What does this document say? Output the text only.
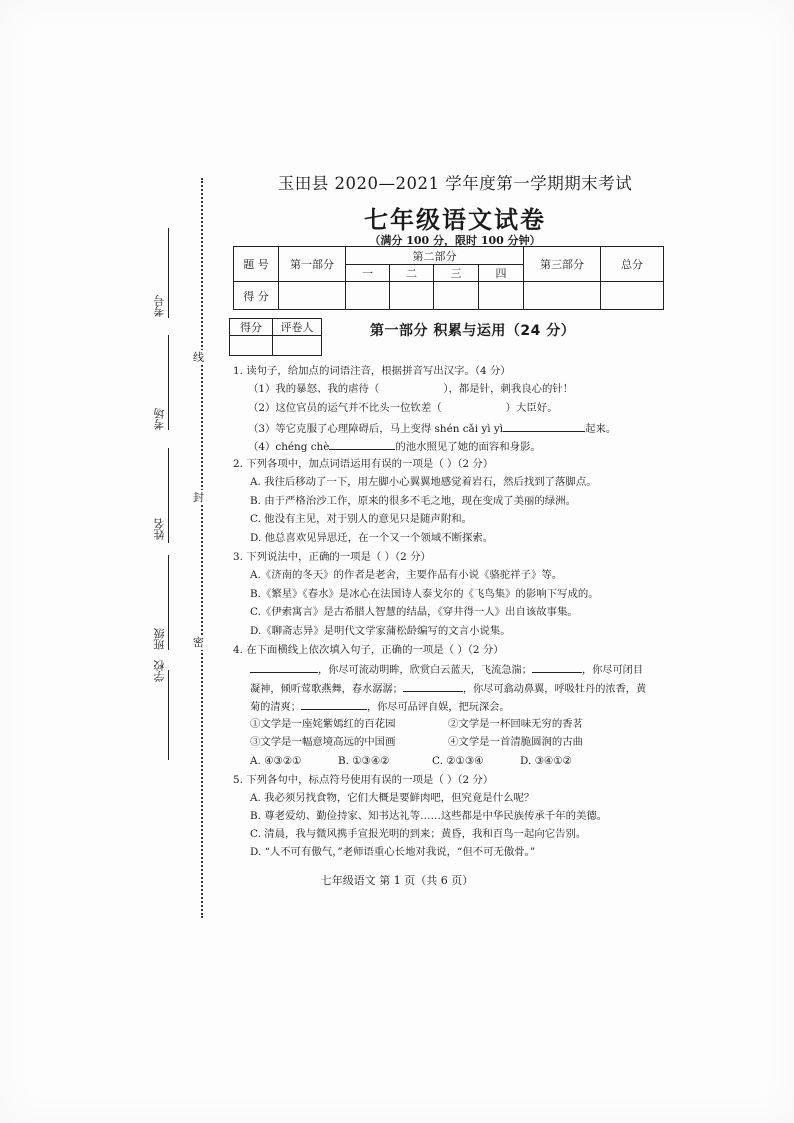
线
封
密
考号
考场
姓名
班级
学校
玉田县 2020—2021 学年度第一学期期末考试
七年级语文试卷
（满分 100 分，限时 100 分钟）
题 号	第一部分	第二部分				第三部分	总分
		一	二	三	四		
得 分							
得分	评卷人
		第一部分 积累与运用（24 分）
1. 读句子，给加点的词语注音，根据拼音写出汉字。（4 分）
（1）我的暴怒、我的虐待（	），都是针，刺我良心的针！
（2）这位官员的运气并不比头一位钦差（	）大臣好。
（3）等它克服了心理障碍后，马上变得 shén cǎi yì yì	起来。
（4）chéng chè	的池水照见了她的面容和身影。
2. 下列各项中，加点词语运用有误的一项是（ ）（2 分）
A. 我往后移动了一下，用左脚小心翼翼地感觉着岩石，然后找到了落脚点。
B. 由于严格治沙工作，原来的很多不毛之地，现在变成了美丽的绿洲。
C. 他没有主见，对于别人的意见只是随声附和。
D. 他总喜欢见异思迁，在一个又一个领域不断探索。
3. 下列说法中，正确的一项是（ ）（2 分）
A.《济南的冬天》的作者是老舍，主要作品有小说《骆驼祥子》等。
B.《繁星》《春水》是冰心在法国诗人泰戈尔的《飞鸟集》的影响下写成的。
C.《伊索寓言》是古希腊人智慧的结晶，《穿井得一人》出自该故事集。
D.《聊斋志异》是明代文学家蒲松龄编写的文言小说集。
4. 在下面横线上依次填入句子，正确的一项是（ ）（2 分）
，你尽可流动明眸，欣赏白云蓝天，飞流急湍；	，你尽可闭目
凝神，倾听莺歌燕舞，春水潺潺；	，你尽可翕动鼻翼，呼吸牡丹的浓香，黄
菊的清爽；	，你尽可品评自娱，把玩深会。
①文学是一座姹紫嫣红的百花园	②文学是一杯回味无穷的香茗
③文学是一幅意境高远的中国画	④文学是一首清脆圆润的古曲
A. ④③②①	B. ①③④②	C. ②①③④	D. ③④①②
5. 下列各句中，标点符号使用有误的一项是（ ）（2 分）
A. 我必须另找食物，它们大概是要鲜肉吧，但究竟是什么呢？
七年级语文 第 1 页（共 6 页）
B. 尊老爱幼、勤俭持家、知书达礼等……这些都是中华民族传承千年的美德。
C. 清晨，我与微风携手宣报光明的到来；黄昏，我和百鸟一起向它告别。
D. “人不可有傲气，”老师语重心长地对我说，“但不可无傲骨。”
